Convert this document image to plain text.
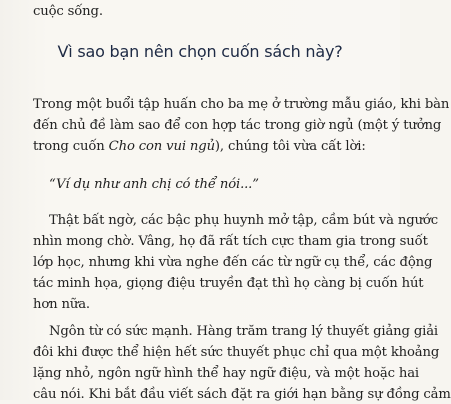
cuộc sống.
Vì sao bạn nên chọn cuốn sách này?
Trong một buổi tập huấn cho ba mẹ ở trường mẫu giáo, khi bàn
đến chủ đề làm sao để con hợp tác trong giờ ngủ (một ý tưởng
trong cuốn Cho con vui ngủ), chúng tôi vừa cất lời:
“Ví dụ như anh chị có thể nói...”
Thật bất ngờ, các bậc phụ huynh mở tập, cầm bút và ngước
nhìn mong chờ. Vâng, họ đã rất tích cực tham gia trong suốt
lớp học, nhưng khi vừa nghe đến các từ ngữ cụ thể, các động
tác minh họa, giọng điệu truyền đạt thì họ càng bị cuốn hút
hơn nữa.
Ngôn từ có sức mạnh. Hàng trăm trang lý thuyết giảng giải
đôi khi được thể hiện hết sức thuyết phục chỉ qua một khoảng
lặng nhỏ, ngôn ngữ hình thể hay ngữ điệu, và một hoặc hai
câu nói. Khi bắt đầu viết sách đặt ra giới hạn bằng sự đồng cảm
